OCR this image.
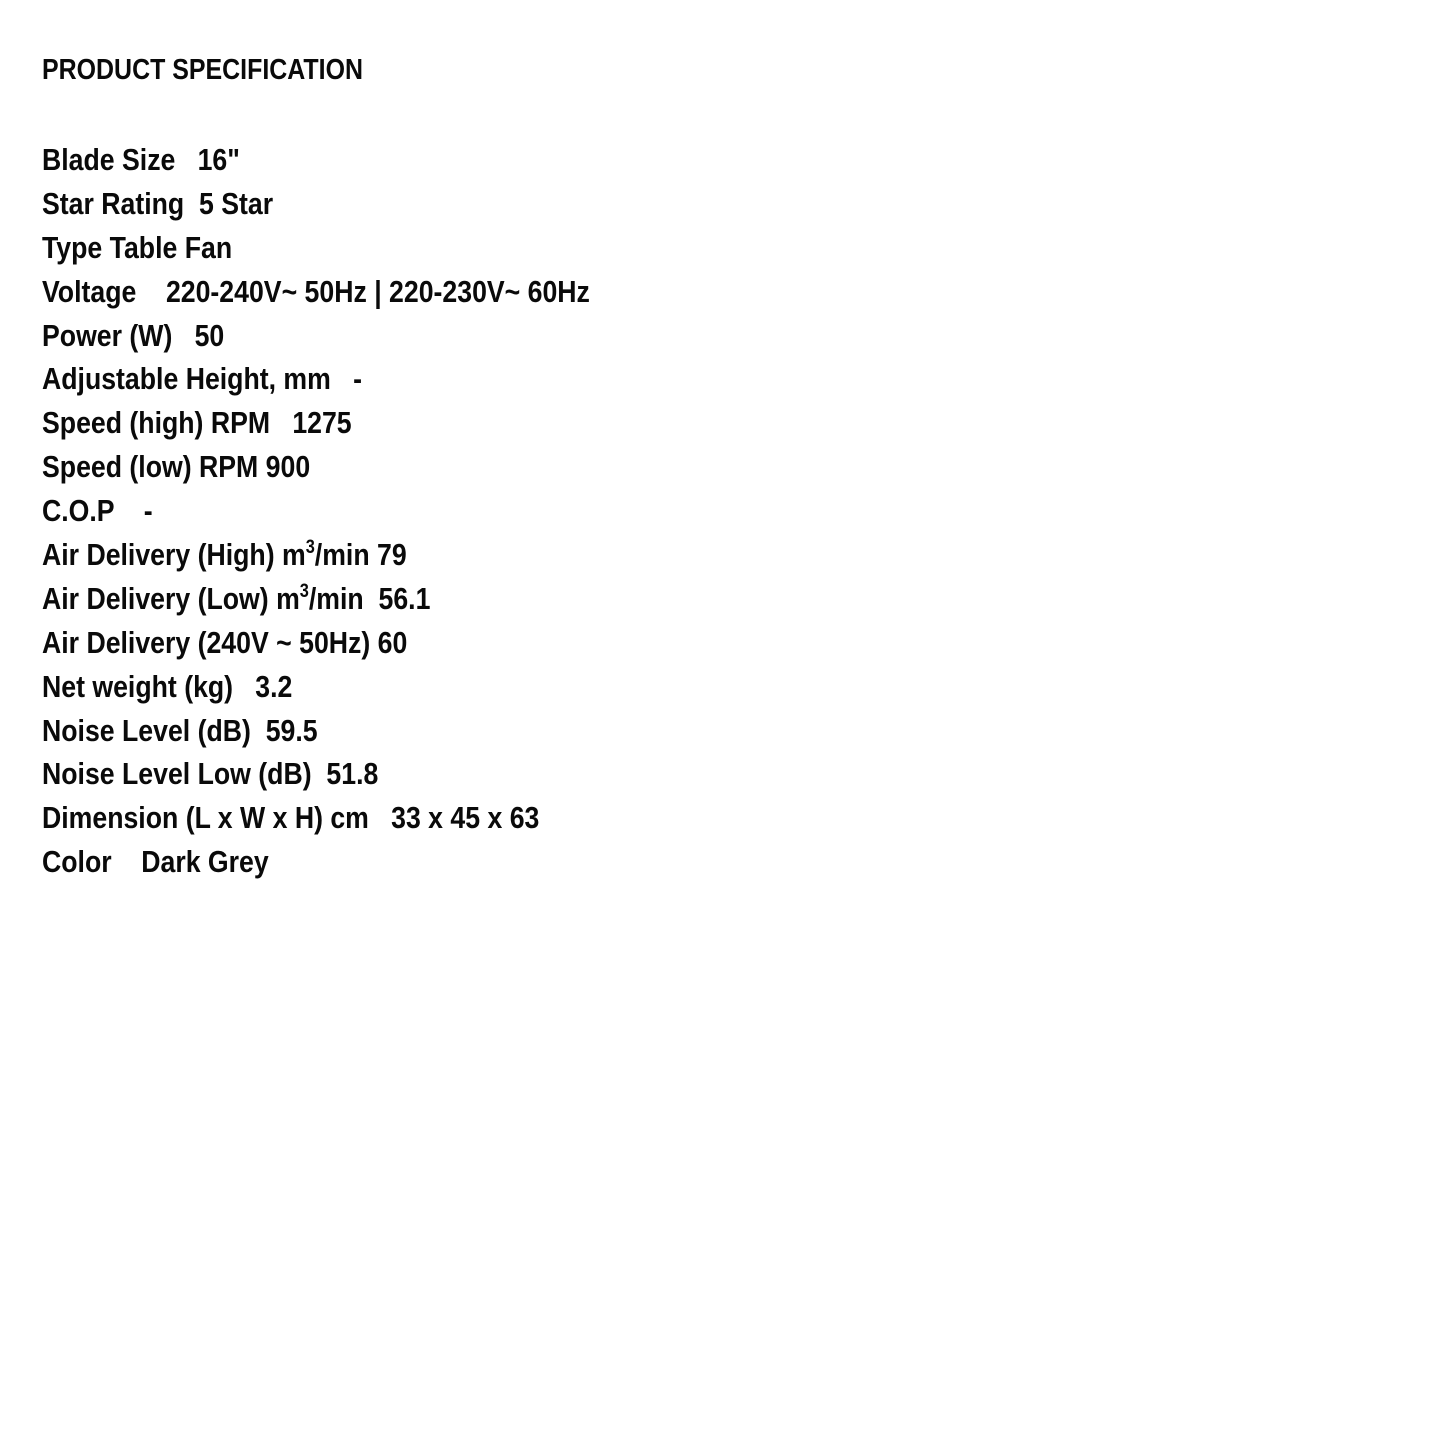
PRODUCT SPECIFICATION
Blade Size 16"
Star Rating 5 Star
Type Table Fan
Voltage 220-240V~ 50Hz | 220-230V~ 60Hz
Power (W) 50
Adjustable Height, mm -
Speed (high) RPM 1275
Speed (low) RPM 900
C.O.P -
Air Delivery (High) $m^3/\min$ 79
Air Delivery (Low) $m^3/\min$ 56.1
Air Delivery (240V ~ 50Hz) 60
Net weight (kg) 3.2
Noise Level (dB) 59.5
Noise Level Low (dB) 51.8
Dimension (L x W x H) cm 33 x 45 x 63
Color Dark Grey
